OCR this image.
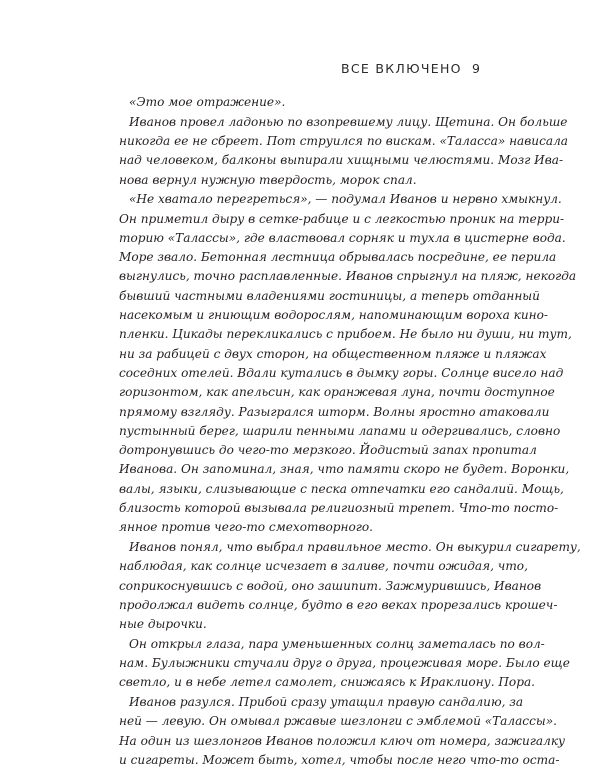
ВСЕ ВКЛЮЧЕНО 9
«Это мое отражение».
Иванов провел ладонью по взопревшему лицу. Щетина. Он больше
никогда ее не сбреет. Пот струился по вискам. «Таласса» нависала
над человеком, балконы выпирали хищными челюстями. Мозг Ива-
нова вернул нужную твердость, морок спал.
«Не хватало перегреться», — подумал Иванов и нервно хмыкнул.
Он приметил дыру в сетке-рабице и с легкостью проник на терри-
торию «Талассы», где властвовал сорняк и тухла в цистерне вода.
Море звало. Бетонная лестница обрывалась посредине, ее перила
выгнулись, точно расплавленные. Иванов спрыгнул на пляж, некогда
бывший частными владениями гостиницы, а теперь отданный
насекомым и гниющим водорослям, напоминающим вороха кино-
пленки. Цикады перекликались с прибоем. Не было ни души, ни тут,
ни за рабицей с двух сторон, на общественном пляже и пляжах
соседних отелей. Вдали кутались в дымку горы. Солнце висело над
горизонтом, как апельсин, как оранжевая луна, почти доступное
прямому взгляду. Разыгрался шторм. Волны яростно атаковали
пустынный берег, шарили пенными лапами и одергивались, словно
дотронувшись до чего-то мерзкого. Йодистый запах пропитал
Иванова. Он запоминал, зная, что памяти скоро не будет. Воронки,
валы, языки, слизывающие с песка отпечатки его сандалий. Мощь,
близость которой вызывала религиозный трепет. Что-то посто-
янное против чего-то смехотворного.
Иванов понял, что выбрал правильное место. Он выкурил сигарету,
наблюдая, как солнце исчезает в заливе, почти ожидая, что,
соприкоснувшись с водой, оно зашипит. Зажмурившись, Иванов
продолжал видеть солнце, будто в его веках прорезались крошеч-
ные дырочки.
Он открыл глаза, пара уменьшенных солнц заметалась по вол-
нам. Булыжники стучали друг о друга, процеживая море. Было еще
светло, и в небе летел самолет, снижаясь к Ираклиону. Пора.
Иванов разулся. Прибой сразу утащил правую сандалию, за
ней — левую. Он омывал ржавые шезлонги с эмблемой «Талассы».
На один из шезлонгов Иванов положил ключ от номера, зажигалку
и сигареты. Может быть, хотел, чтобы после него что-то оста-
